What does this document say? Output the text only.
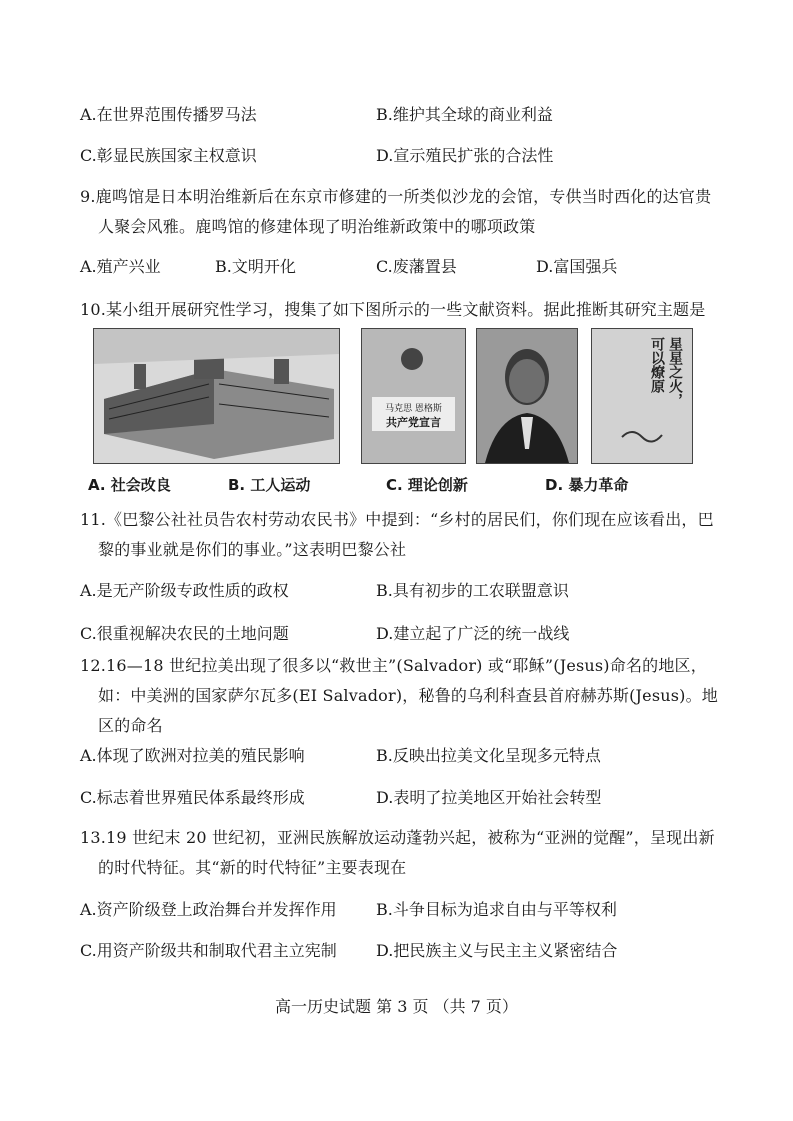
A.在世界范围传播罗马法	B.维护其全球的商业利益
C.彰显民族国家主权意识	D.宣示殖民扩张的合法性
9.鹿鸣馆是日本明治维新后在东京市修建的一所类似沙龙的会馆，专供当时西化的达官贵
人聚会风雅。鹿鸣馆的修建体现了明治维新政策中的哪项政策
A.殖产兴业	B.文明开化	C.废藩置县	D.富国强兵
10.某小组开展研究性学习，搜集了如下图所示的一些文献资料。据此推断其研究主题是
马克思 恩格斯
共产党宣言
星星之火，可以燎原
A. 社会改良	B. 工人运动	C. 理论创新	D. 暴力革命
11.《巴黎公社社员告农村劳动农民书》中提到：“乡村的居民们，你们现在应该看出，巴
黎的事业就是你们的事业。”这表明巴黎公社
A.是无产阶级专政性质的政权	B.具有初步的工农联盟意识
C.很重视解决农民的土地问题	D.建立起了广泛的统一战线
12.16—18 世纪拉美出现了很多以“救世主”(Salvador) 或“耶稣”(Jesus)命名的地区，
如：中美洲的国家萨尔瓦多(EI Salvador)，秘鲁的乌利科查县首府赫苏斯(Jesus)。地
区的命名
A.体现了欧洲对拉美的殖民影响	B.反映出拉美文化呈现多元特点
C.标志着世界殖民体系最终形成	D.表明了拉美地区开始社会转型
13.19 世纪末 20 世纪初，亚洲民族解放运动蓬勃兴起，被称为“亚洲的觉醒”，呈现出新
的时代特征。其“新的时代特征”主要表现在
A.资产阶级登上政治舞台并发挥作用 B.斗争目标为追求自由与平等权利
C.用资产阶级共和制取代君主立宪制 D.把民族主义与民主主义紧密结合
高一历史试题 第 3 页 （共 7 页）
